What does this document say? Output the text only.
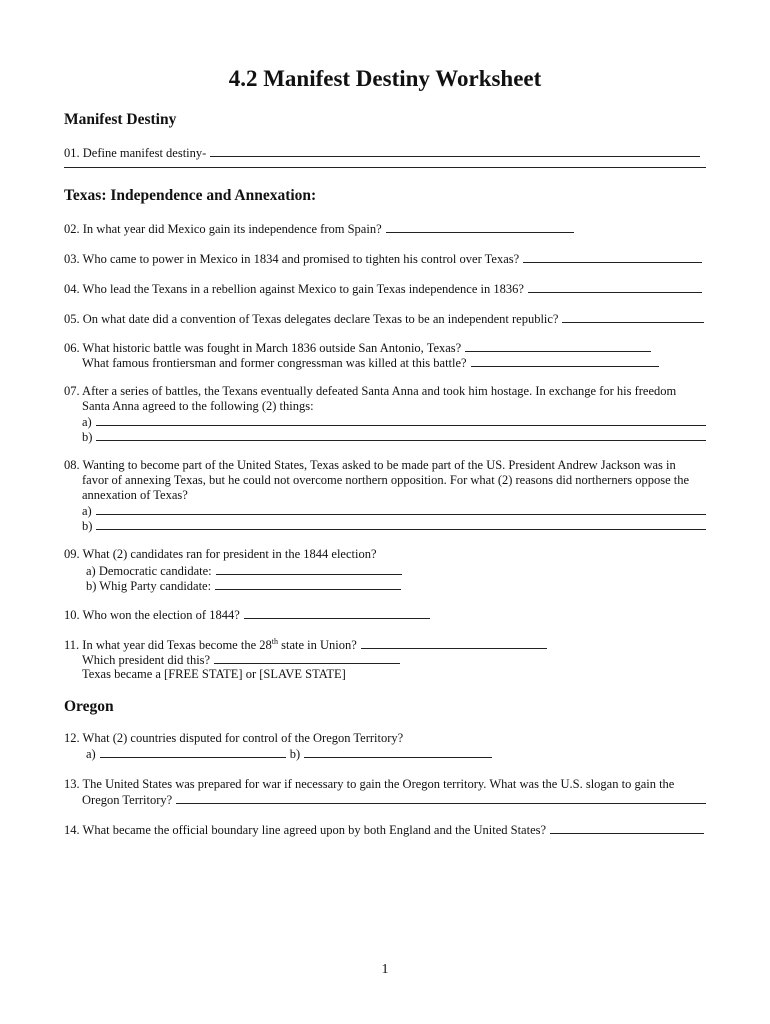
4.2 Manifest Destiny Worksheet
Manifest Destiny
01. Define manifest destiny-
Texas: Independence and Annexation:
02. In what year did Mexico gain its independence from Spain?
03. Who came to power in Mexico in 1834 and promised to tighten his control over Texas?
04. Who lead the Texans in a rebellion against Mexico to gain Texas independence in 1836?
05. On what date did a convention of Texas delegates declare Texas to be an independent republic?
06. What historic battle was fought in March 1836 outside San Antonio, Texas?
What famous frontiersman and former congressman was killed at this battle?
07. After a series of battles, the Texans eventually defeated Santa Anna and took him hostage. In exchange for his freedom
Santa Anna agreed to the following (2) things:
a)
b)
08. Wanting to become part of the United States, Texas asked to be made part of the US. President Andrew Jackson was in
favor of annexing Texas, but he could not overcome northern opposition. For what (2) reasons did northerners oppose the
annexation of Texas?
a)
b)
09. What (2) candidates ran for president in the 1844 election?
a) Democratic candidate:
b) Whig Party candidate:
10. Who won the election of 1844?
11. In what year did Texas become the 28th state in Union?
Which president did this?
Texas became a [FREE STATE] or [SLAVE STATE]
Oregon
12. What (2) countries disputed for control of the Oregon Territory?
a)	b)
13. The United States was prepared for war if necessary to gain the Oregon territory. What was the U.S. slogan to gain the
Oregon Territory?
14. What became the official boundary line agreed upon by both England and the United States?
1
